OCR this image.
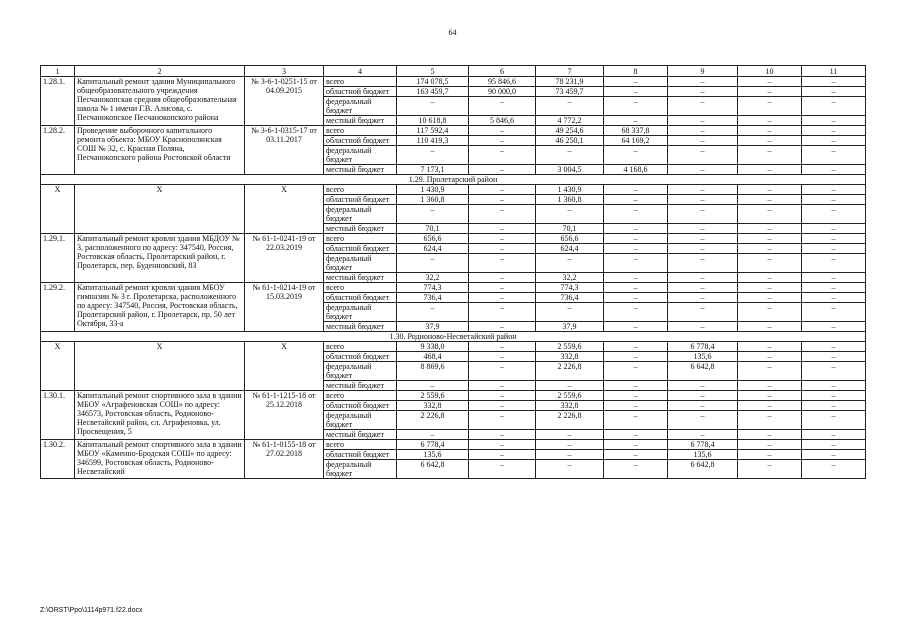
64
1	2	3	4	5	6	7	8	9	10	11
1.28.1.	Капитальный ремонт здания Муниципального общеобразовательного учреждения Песчанокопская средняя общеобразовательная школа № 1 имени Г.В. Алисова, с. Песчанокопское Песчанокопского района	№ 3-6-1-0251-15 от 04.09.2015	всего	174 078,5	95 846,6	78 231,9	–	–	–	–
			областной бюджет	163 459,7	90 000,0	73 459,7	–	–	–	–
			федеральный бюджет	–	–	–	–	–	–	–
			местный бюджет	10 618,8	5 846,6	4 772,2	–	–	–	–
1.28.2.	Проведение выборочного капитального ремонта объекта: МБОУ Краснополянская СОШ № 32, с. Красная Поляна, Песчанокопского района Ростовской области	№ 3-6-1-0315-17 от 03.11.2017	всего	117 592,4	–	49 254,6	68 337,8	–	–	–
			областной бюджет	110 419,3	–	46 250,1	64 169,2	–	–	–
			федеральный бюджет	–	–	–	–	–	–	–
			местный бюджет	7 173,1	–	3 004,5	4 168,6	–	–	–
1.29. Пролетарский район										
Х	Х	Х	всего	1 430,9	–	1 430,9	–	–	–	–
			областной бюджет	1 360,8	–	1 360,8	–	–	–	–
			федеральный бюджет	–	–	–	–	–	–	–
			местный бюджет	70,1	–	70,1	–	–	–	–
1.29.1.	Капитальный ремонт кровли здания МБДОУ № 3, расположенного по адресу: 347540, Россия, Ростовская область, Пролетарский район, г. Пролетарск, пер. Буденновский, 83	№ 61-1-0241-19 от 22.03.2019	всего	656,6	–	656,6	–	–	–	–
			областной бюджет	624,4	–	624,4	–	–	–	–
			федеральный бюджет	–	–	–	–	–	–	–
			местный бюджет	32,2	–	32,2	–	–	–	–
1.29.2.	Капитальный ремонт кровли здания МБОУ гимназии № 3 г. Пролетарска, расположенного по адресу: 347540, Россия, Ростовская область, Пролетарский район, г. Пролетарск, пр. 50 лет Октября, 33-а	№ 61-1-0214-19 от 15.03.2019	всего	774,3	–	774,3	–	–	–	–
			областной бюджет	736,4	–	736,4	–	–	–	–
			федеральный бюджет	–	–	–	–	–	–	–
			местный бюджет	37,9	–	37,9	–	–	–	–
1.30. Родионово-Несветайский район										
Х	Х	Х	всего	9 338,0	–	2 559,6	–	6 778,4	–	–
			областной бюджет	468,4	–	332,8	–	135,6	–	–
			федеральный бюджет	8 869,6	–	2 226,8	–	6 642,8	–	–
			местный бюджет	–	–	–	–	–	–	–
1.30.1.	Капитальный ремонт спортивного зала в здании МБОУ «Аграфеновская СОШ» по адресу: 346573, Ростовская область, Родионово-Несветайский район, сл. Аграфеновка, ул. Просвещения, 5	№ 61-1-1215-18 от 25.12.2018	всего	2 559,6	–	2 559,6	–	–	–	–
			областной бюджет	332,8	–	332,8	–	–	–	–
			федеральный бюджет	2 226,8	–	2 226,8	–	–	–	–
			местный бюджет	–	–	–	–	–	–	–
1.30.2.	Капитальный ремонт спортивного зала в здании МБОУ «Каменно-Бродская СОШ» по адресу: 346599, Ростовская область, Родионово-Несветайский	№ 61-1-0155-18 от 27.02.2018	всего	6 778,4	–	–	–	6 778,4	–	–
			областной бюджет	135,6	–	–	–	135,6	–	–
			федеральный бюджет	6 642,8	–	–	–	6 642,8	–	–
Z:\ORST\Ppo\1114p971.f22.docx
